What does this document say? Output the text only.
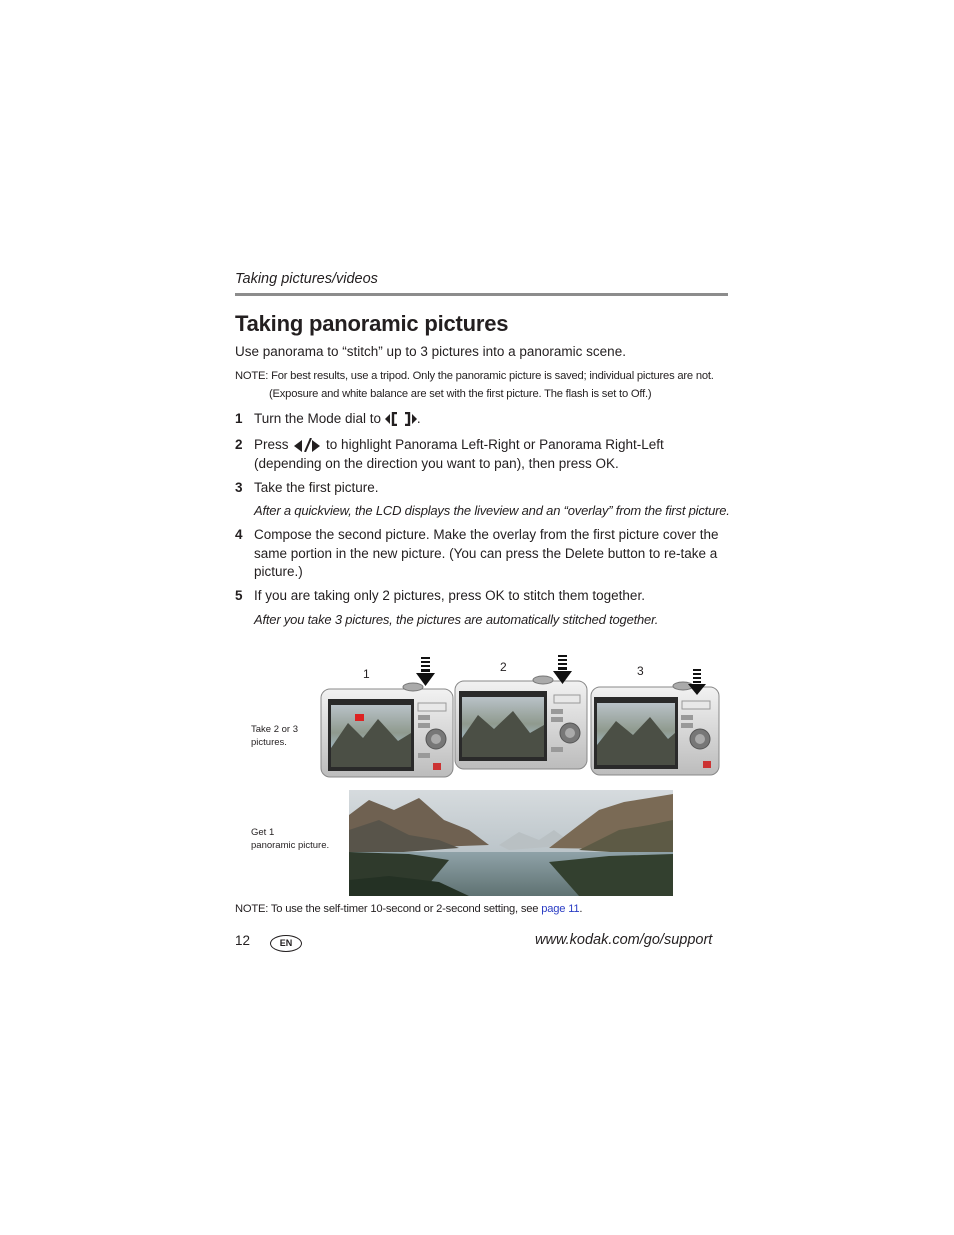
Taking pictures/videos
Taking panoramic pictures
Use panorama to “stitch” up to 3 pictures into a panoramic scene.
NOTE: For best results, use a tripod. Only the panoramic picture is saved; individual pictures are not.
(Exposure and white balance are set with the first picture. The flash is set to Off.)
1 Turn the Mode dial to	.
2 Press	to highlight Panorama Left-Right or Panorama Right-Left (depending on the direction you want to pan), then press OK.
3 Take the first picture.
After a quickview, the LCD displays the liveview and an “overlay” from the first picture.
4 Compose the second picture. Make the overlay from the first picture cover the same portion in the new picture. (You can press the Delete button to re-take a picture.)
5 If you are taking only 2 pictures, press OK to stitch them together.
After you take 3 pictures, the pictures are automatically stitched together.
1	2	3
Take 2 or 3
pictures.
Get 1
panoramic picture.
NOTE: To use the self-timer 10-second or 2-second setting, see page 11.
12	EN	www.kodak.com/go/support
